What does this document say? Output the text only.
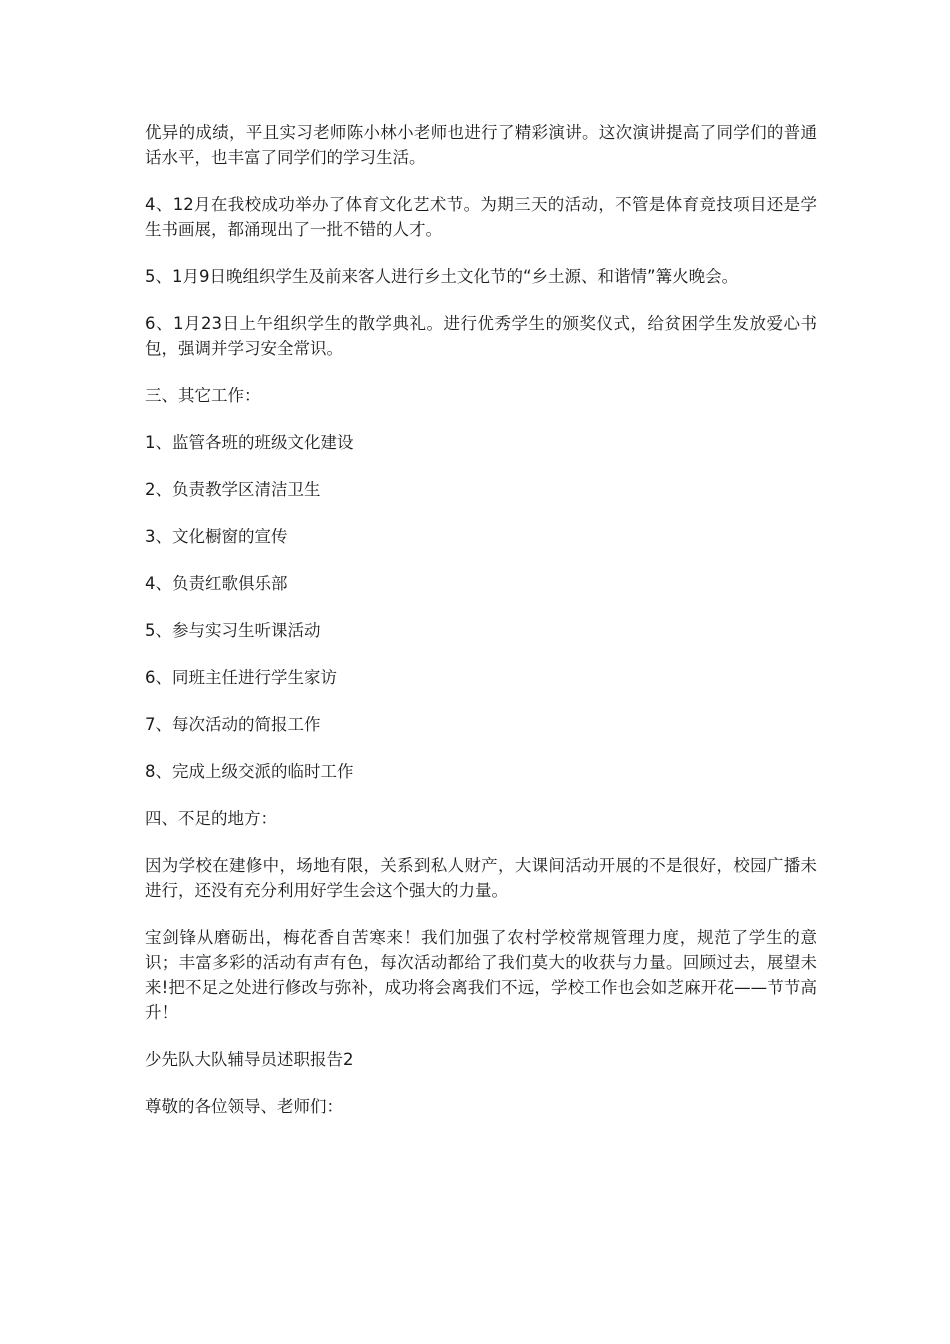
优异的成绩，平且实习老师陈小林小老师也进行了精彩演讲。这次演讲提高了同学们的普通话水平，也丰富了同学们的学习生活。

4、12月在我校成功举办了体育文化艺术节。为期三天的活动，不管是体育竞技项目还是学生书画展，都涌现出了一批不错的人才。

5、1月9日晚组织学生及前来客人进行乡土文化节的“乡土源、和谐情”篝火晚会。

6、1月23日上午组织学生的散学典礼。进行优秀学生的颁奖仪式，给贫困学生发放爱心书包，强调并学习安全常识。

三、其它工作：

1、监管各班的班级文化建设

2、负责教学区清洁卫生

3、文化橱窗的宣传

4、负责红歌俱乐部

5、参与实习生听课活动

6、同班主任进行学生家访

7、每次活动的简报工作

8、完成上级交派的临时工作

四、不足的地方：

因为学校在建修中，场地有限，关系到私人财产，大课间活动开展的不是很好，校园广播未进行，还没有充分利用好学生会这个强大的力量。

宝剑锋从磨砺出，梅花香自苦寒来！我们加强了农村学校常规管理力度，规范了学生的意识；丰富多彩的活动有声有色，每次活动都给了我们莫大的收获与力量。回顾过去，展望未来!把不足之处进行修改与弥补，成功将会离我们不远，学校工作也会如芝麻开花——节节高升！

少先队大队辅导员述职报告2

尊敬的各位领导、老师们：
